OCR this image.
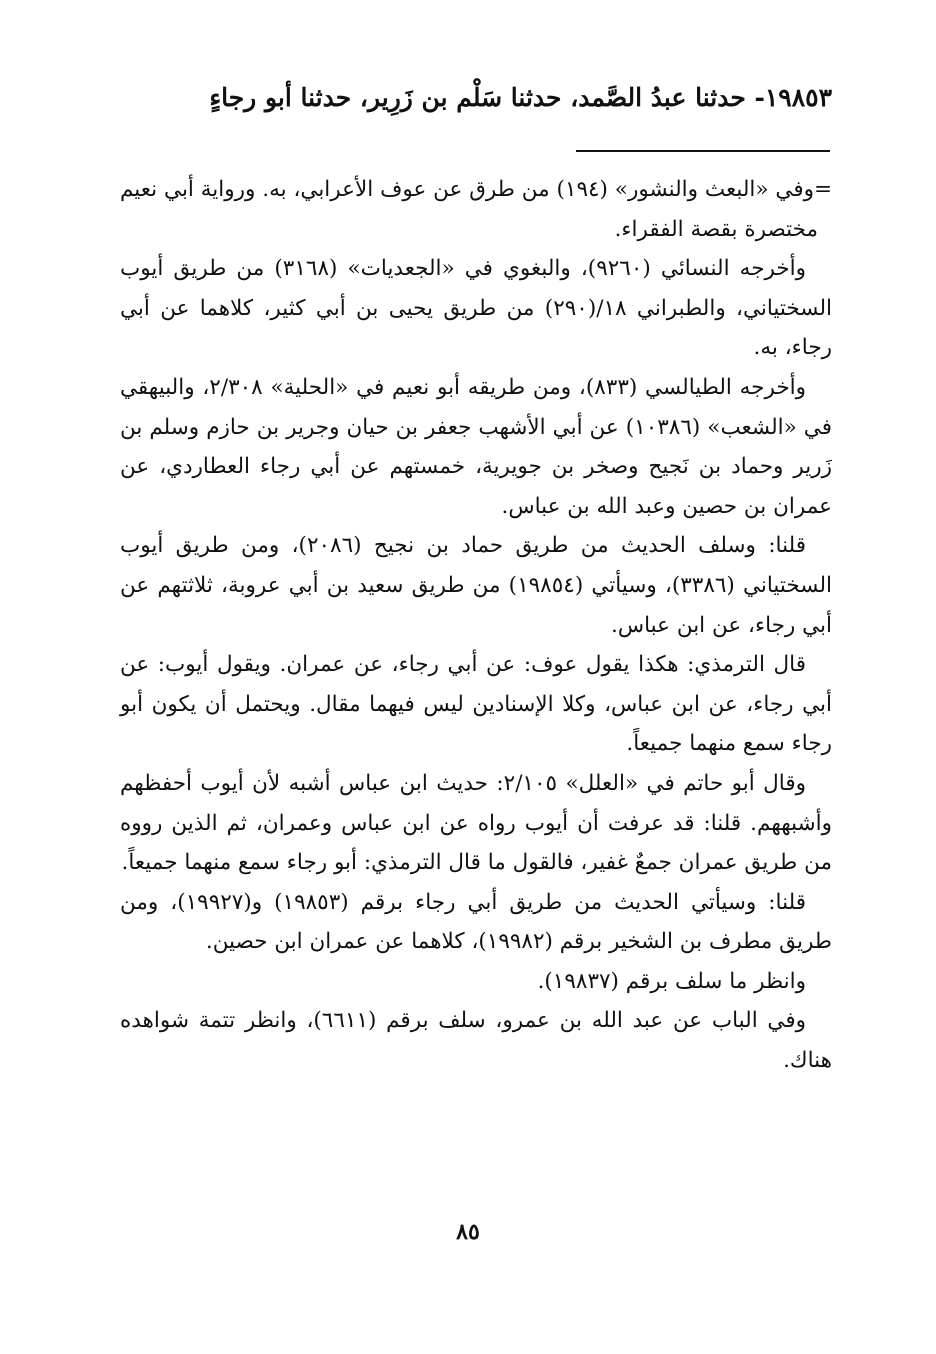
١٩٨٥٣- حدثنا عبدُ الصَّمد، حدثنا سَلْم بن زَرِير، حدثنا أبو رجاءٍ

=وفي «البعث والنشور» (١٩٤) من طرق عن عوف الأعرابي، به. ورواية أبي نعيم مختصرة بقصة الفقراء.

وأخرجه النسائي (٩٢٦٠)، والبغوي في «الجعديات» (٣١٦٨) من طريق أيوب السختياني، والطبراني ١٨/(٢٩٠) من طريق يحيى بن أبي كثير، كلاهما عن أبي رجاء، به.

وأخرجه الطيالسي (٨٣٣)، ومن طريقه أبو نعيم في «الحلية» ٢/٣٠٨، والبيهقي في «الشعب» (١٠٣٨٦) عن أبي الأشهب جعفر بن حيان وجرير بن حازم وسلم بن زَرير وحماد بن نَجيح وصخر بن جويرية، خمستهم عن أبي رجاء العطاردي، عن عمران بن حصين وعبد الله بن عباس.

قلنا: وسلف الحديث من طريق حماد بن نجيح (٢٠٨٦)، ومن طريق أيوب السختياني (٣٣٨٦)، وسيأتي (١٩٨٥٤) من طريق سعيد بن أبي عروبة، ثلاثتهم عن أبي رجاء، عن ابن عباس.

قال الترمذي: هكذا يقول عوف: عن أبي رجاء، عن عمران. ويقول أيوب: عن أبي رجاء، عن ابن عباس، وكلا الإسنادين ليس فيهما مقال. ويحتمل أن يكون أبو رجاء سمع منهما جميعاً.

وقال أبو حاتم في «العلل» ٢/١٠٥: حديث ابن عباس أشبه لأن أيوب أحفظهم وأشبههم. قلنا: قد عرفت أن أيوب رواه عن ابن عباس وعمران، ثم الذين رووه من طريق عمران جمعٌ غفير، فالقول ما قال الترمذي: أبو رجاء سمع منهما جميعاً.

قلنا: وسيأتي الحديث من طريق أبي رجاء برقم (١٩٨٥٣) و(١٩٩٢٧)، ومن طريق مطرف بن الشخير برقم (١٩٩٨٢)، كلاهما عن عمران ابن حصين.

وانظر ما سلف برقم (١٩٨٣٧).

وفي الباب عن عبد الله بن عمرو، سلف برقم (٦٦١١)، وانظر تتمة شواهده هناك.

٨٥
